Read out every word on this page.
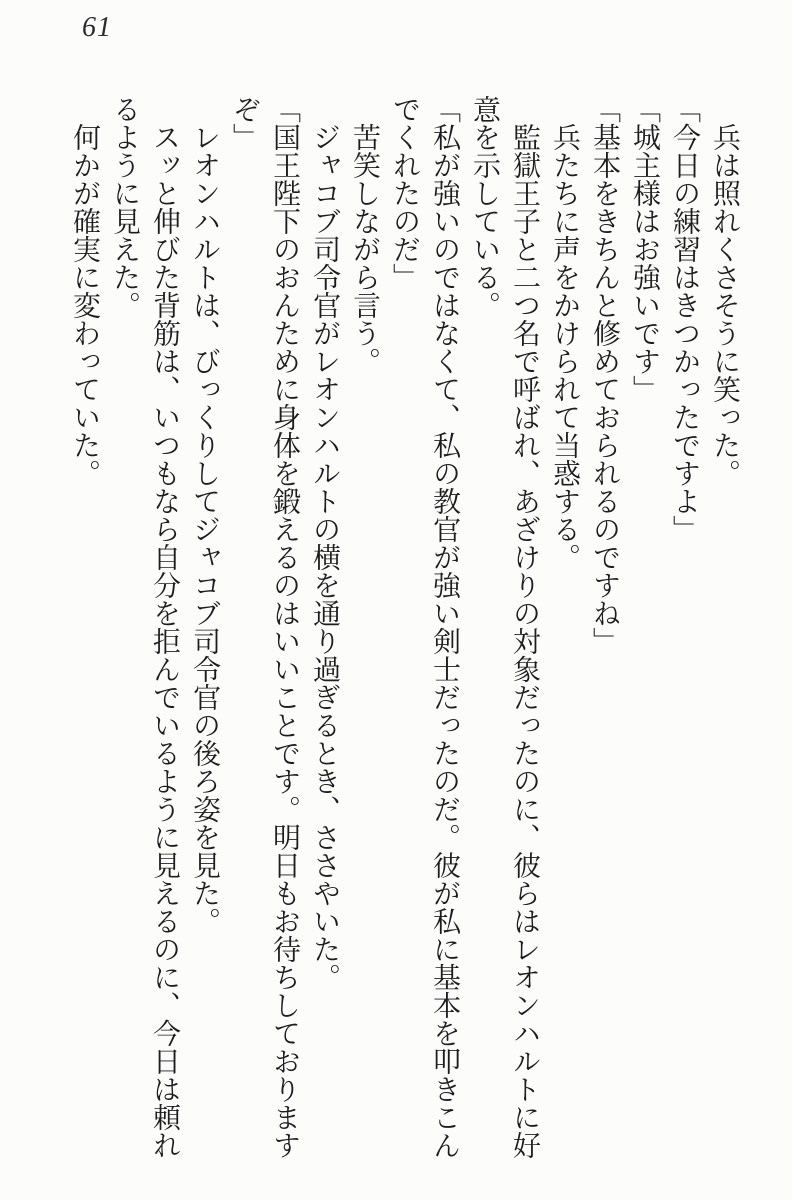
61

　兵は照れくさそうに笑った。

「今日の練習はきつかったですよ」

「城主様はお強いです」

「基本をきちんと修めておられるのですね」

　兵たちに声をかけられて当惑する。

　監獄王子と二つ名で呼ばれ、あざけりの対象だったのに、彼らはレオンハルトに好

意を示している。

「私が強いのではなくて、私の教官が強い剣士だったのだ。彼が私に基本を叩きこん

でくれたのだ」

　苦笑しながら言う。

　ジャコブ司令官がレオンハルトの横を通り過ぎるとき、ささやいた。

「国王陛下のおんために身体を鍛えるのはいいことです。明日もお待ちしております

ぞ」

　レオンハルトは、びっくりしてジャコブ司令官の後ろ姿を見た。

　スッと伸びた背筋は、いつもなら自分を拒んでいるように見えるのに、今日は頼れ

るように見えた。

　何かが確実に変わっていた。
